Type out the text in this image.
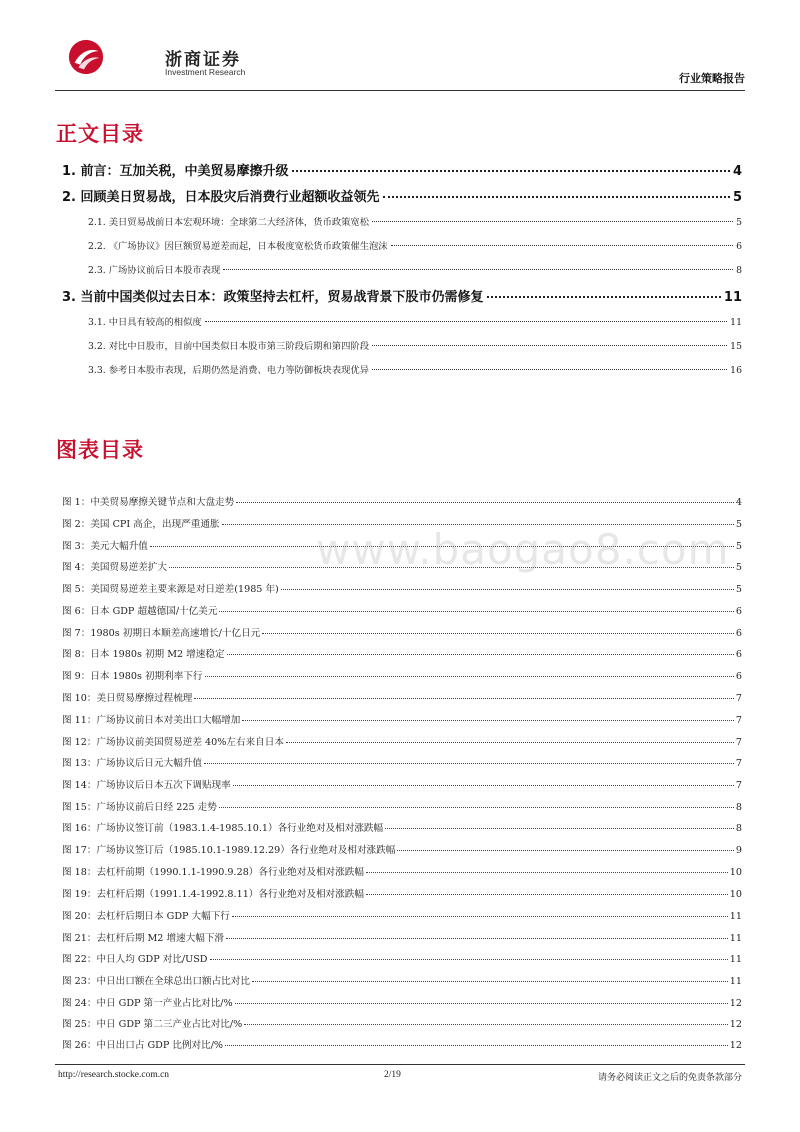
浙商证券
Investment Research	行业策略报告
正文目录
1. 前言：互加关税，中美贸易摩擦升级	4
2. 回顾美日贸易战，日本股灾后消费行业超额收益领先	5
2.1. 美日贸易战前日本宏观环境：全球第二大经济体，货币政策宽松	5
2.2. 《广场协议》因巨额贸易逆差而起，日本极度宽松货币政策催生泡沫	6
2.3. 广场协议前后日本股市表现	8
3. 当前中国类似过去日本：政策坚持去杠杆，贸易战背景下股市仍需修复	11
3.1. 中日具有较高的相似度	11
3.2. 对比中日股市，目前中国类似日本股市第三阶段后期和第四阶段	15
3.3. 参考日本股市表现，后期仍然是消费、电力等防御板块表现优异	16
图表目录
图 1：中美贸易摩擦关键节点和大盘走势	4
图 2：美国 CPI 高企，出现严重通胀	5
图 3：美元大幅升值	5
图 4：美国贸易逆差扩大	5
图 5：美国贸易逆差主要来源是对日逆差(1985 年)	5
图 6：日本 GDP 超越德国/十亿美元	6
图 7：1980s 初期日本顺差高速增长/十亿日元	6
图 8：日本 1980s 初期 M2 增速稳定	6
图 9：日本 1980s 初期利率下行	6
图 10：美日贸易摩擦过程梳理	7
图 11：广场协议前日本对美出口大幅增加	7
图 12：广场协议前美国贸易逆差 40%左右来自日本	7
图 13：广场协议后日元大幅升值	7
图 14：广场协议后日本五次下调贴现率	7
图 15：广场协议前后日经 225 走势	8
图 16：广场协议签订前（1983.1.4-1985.10.1）各行业绝对及相对涨跌幅	8
图 17：广场协议签订后（1985.10.1-1989.12.29）各行业绝对及相对涨跌幅	9
图 18：去杠杆前期（1990.1.1-1990.9.28）各行业绝对及相对涨跌幅	10
图 19：去杠杆后期（1991.1.4-1992.8.11）各行业绝对及相对涨跌幅	10
图 20：去杠杆后期日本 GDP 大幅下行	11
图 21：去杠杆后期 M2 增速大幅下滑	11
图 22：中日人均 GDP 对比/USD	11
图 23：中日出口额在全球总出口额占比对比	11
图 24：中日 GDP 第一产业占比对比/%	12
图 25：中日 GDP 第二三产业占比对比/%	12
图 26：中日出口占 GDP 比例对比/%	12
www.baogao8.com
http://research.stocke.com.cn	2/19	请务必阅读正文之后的免责条款部分
